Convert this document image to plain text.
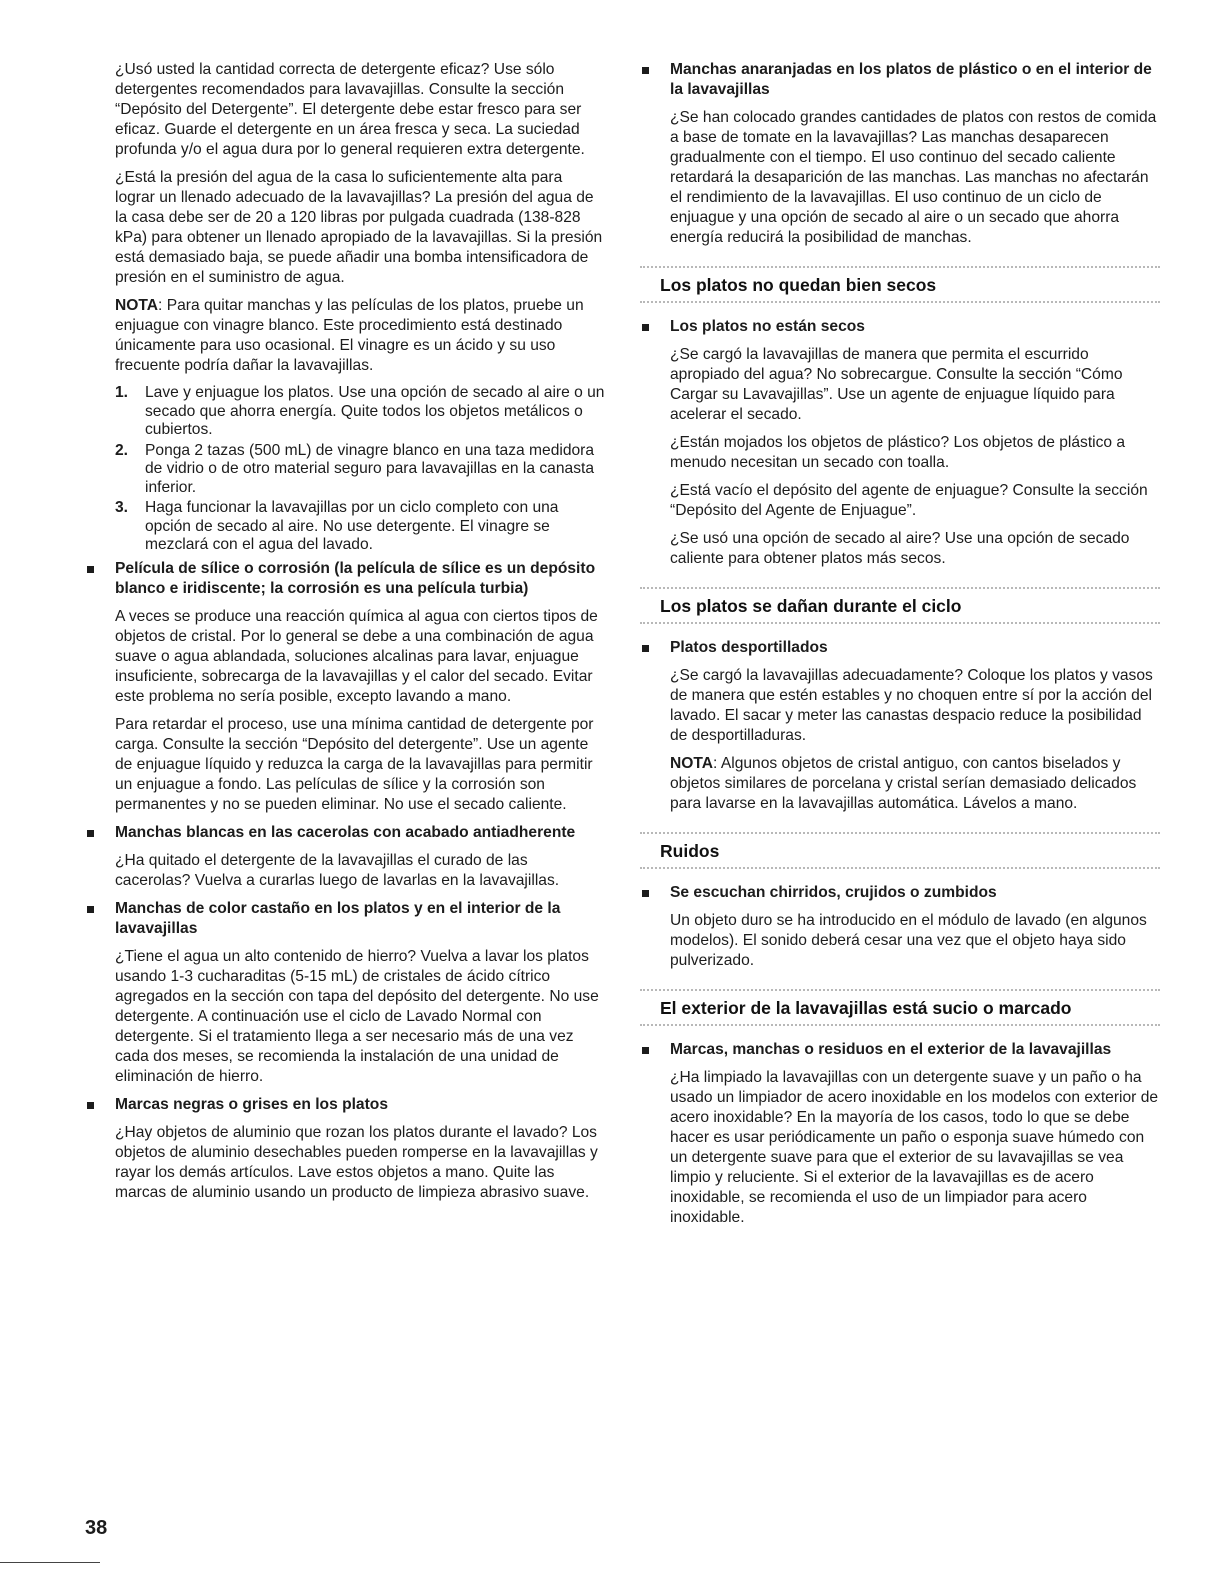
¿Usó usted la cantidad correcta de detergente eficaz? Use sólo detergentes recomendados para lavavajillas. Consulte la sección “Depósito del Detergente”. El detergente debe estar fresco para ser eficaz. Guarde el detergente en un área fresca y seca. La suciedad profunda y/o el agua dura por lo general requieren extra detergente.

¿Está la presión del agua de la casa lo suficientemente alta para lograr un llenado adecuado de la lavavajillas? La presión del agua de la casa debe ser de 20 a 120 libras por pulgada cuadrada (138-828 kPa) para obtener un llenado apropiado de la lavavajillas. Si la presión está demasiado baja, se puede añadir una bomba intensificadora de presión en el suministro de agua.

NOTA: Para quitar manchas y las películas de los platos, pruebe un enjuague con vinagre blanco. Este procedimiento está destinado únicamente para uso ocasional. El vinagre es un ácido y su uso frecuente podría dañar la lavavajillas.

1. Lave y enjuague los platos. Use una opción de secado al aire o un secado que ahorra energía. Quite todos los objetos metálicos o cubiertos.
2. Ponga 2 tazas (500 mL) de vinagre blanco en una taza medidora de vidrio o de otro material seguro para lavavajillas en la canasta inferior.
3. Haga funcionar la lavavajillas por un ciclo completo con una opción de secado al aire. No use detergente. El vinagre se mezclará con el agua del lavado.
Película de sílice o corrosión (la película de sílice es un depósito blanco e iridiscente; la corrosión es una película turbia)

A veces se produce una reacción química al agua con ciertos tipos de objetos de cristal. Por lo general se debe a una combinación de agua suave o agua ablandada, soluciones alcalinas para lavar, enjuague insuficiente, sobrecarga de la lavavajillas y el calor del secado. Evitar este problema no sería posible, excepto lavando a mano.

Para retardar el proceso, use una mínima cantidad de detergente por carga. Consulte la sección “Depósito del detergente”. Use un agente de enjuague líquido y reduzca la carga de la lavavajillas para permitir un enjuague a fondo. Las películas de sílice y la corrosión son permanentes y no se pueden eliminar. No use el secado caliente.

Manchas blancas en las cacerolas con acabado antiadherente

¿Ha quitado el detergente de la lavavajillas el curado de las cacerolas? Vuelva a curarlas luego de lavarlas en la lavavajillas.

Manchas de color castaño en los platos y en el interior de la lavavajillas

¿Tiene el agua un alto contenido de hierro? Vuelva a lavar los platos usando 1-3 cucharaditas (5-15 mL) de cristales de ácido cítrico agregados en la sección con tapa del depósito del detergente. No use detergente. A continuación use el ciclo de Lavado Normal con detergente. Si el tratamiento llega a ser necesario más de una vez cada dos meses, se recomienda la instalación de una unidad de eliminación de hierro.

Marcas negras o grises en los platos

¿Hay objetos de aluminio que rozan los platos durante el lavado? Los objetos de aluminio desechables pueden romperse en la lavavajillas y rayar los demás artículos. Lave estos objetos a mano. Quite las marcas de aluminio usando un producto de limpieza abrasivo suave.

Manchas anaranjadas en los platos de plástico o en el interior de la lavavajillas

¿Se han colocado grandes cantidades de platos con restos de comida a base de tomate en la lavavajillas? Las manchas desaparecen gradualmente con el tiempo. El uso continuo del secado caliente retardará la desaparición de las manchas. Las manchas no afectarán el rendimiento de la lavavajillas. El uso continuo de un ciclo de enjuague y una opción de secado al aire o un secado que ahorra energía reducirá la posibilidad de manchas.

Los platos no quedan bien secos
Los platos no están secos

¿Se cargó la lavavajillas de manera que permita el escurrido apropiado del agua? No sobrecargue. Consulte la sección “Cómo Cargar su Lavavajillas”. Use un agente de enjuague líquido para acelerar el secado.

¿Están mojados los objetos de plástico? Los objetos de plástico a menudo necesitan un secado con toalla.

¿Está vacío el depósito del agente de enjuague? Consulte la sección “Depósito del Agente de Enjuague”.

¿Se usó una opción de secado al aire? Use una opción de secado caliente para obtener platos más secos.

Los platos se dañan durante el ciclo
Platos desportillados

¿Se cargó la lavavajillas adecuadamente? Coloque los platos y vasos de manera que estén estables y no choquen entre sí por la acción del lavado. El sacar y meter las canastas despacio reduce la posibilidad de desportilladuras.

NOTA: Algunos objetos de cristal antiguo, con cantos biselados y objetos similares de porcelana y cristal serían demasiado delicados para lavarse en la lavavajillas automática. Lávelos a mano.

Ruidos
Se escuchan chirridos, crujidos o zumbidos

Un objeto duro se ha introducido en el módulo de lavado (en algunos modelos). El sonido deberá cesar una vez que el objeto haya sido pulverizado.

El exterior de la lavavajillas está sucio o marcado
Marcas, manchas o residuos en el exterior de la lavavajillas

¿Ha limpiado la lavavajillas con un detergente suave y un paño o ha usado un limpiador de acero inoxidable en los modelos con exterior de acero inoxidable? En la mayoría de los casos, todo lo que se debe hacer es usar periódicamente un paño o esponja suave húmedo con un detergente suave para que el exterior de su lavavajillas se vea limpio y reluciente. Si el exterior de la lavavajillas es de acero inoxidable, se recomienda el uso de un limpiador para acero inoxidable.

38
